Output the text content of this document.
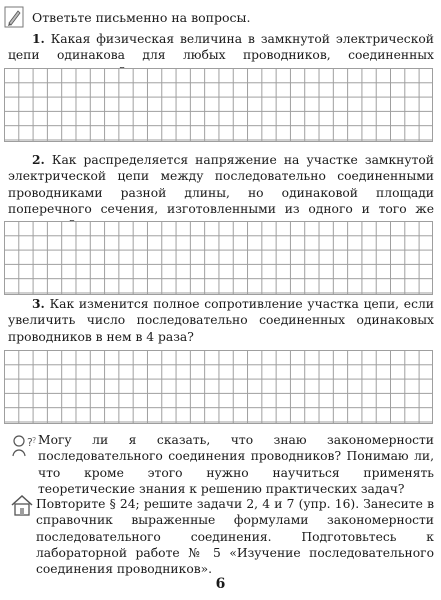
Ответьте письменно на вопросы.
1. Какая физическая величина в замкнутой электрической цепи одинакова для любых проводников, соединенных
2. Как распределяется напряжение на участке замкнутой электрической цепи между последовательно соединенными проводниками разной длины, но одинаковой площади поперечного сечения, изготовленными из одного и того же
3. Как изменится полное сопротивление участка цепи, если увеличить число последовательно соединенных одинаковых проводников в нем в 4 раза?
? ? Могу ли я сказать, что знаю закономерности последовательного соединения проводников? Понимаю ли, что кроме этого нужно научиться применять теоретические знания к решению практических задач?
Повторите § 24; решите задачи 2, 4 и 7 (упр. 16). Занесите в справочник выраженные формулами закономерности последовательного соединения. Подготовьтесь к лабораторной работе № 5 «Изучение последовательного соединения проводников».
6
